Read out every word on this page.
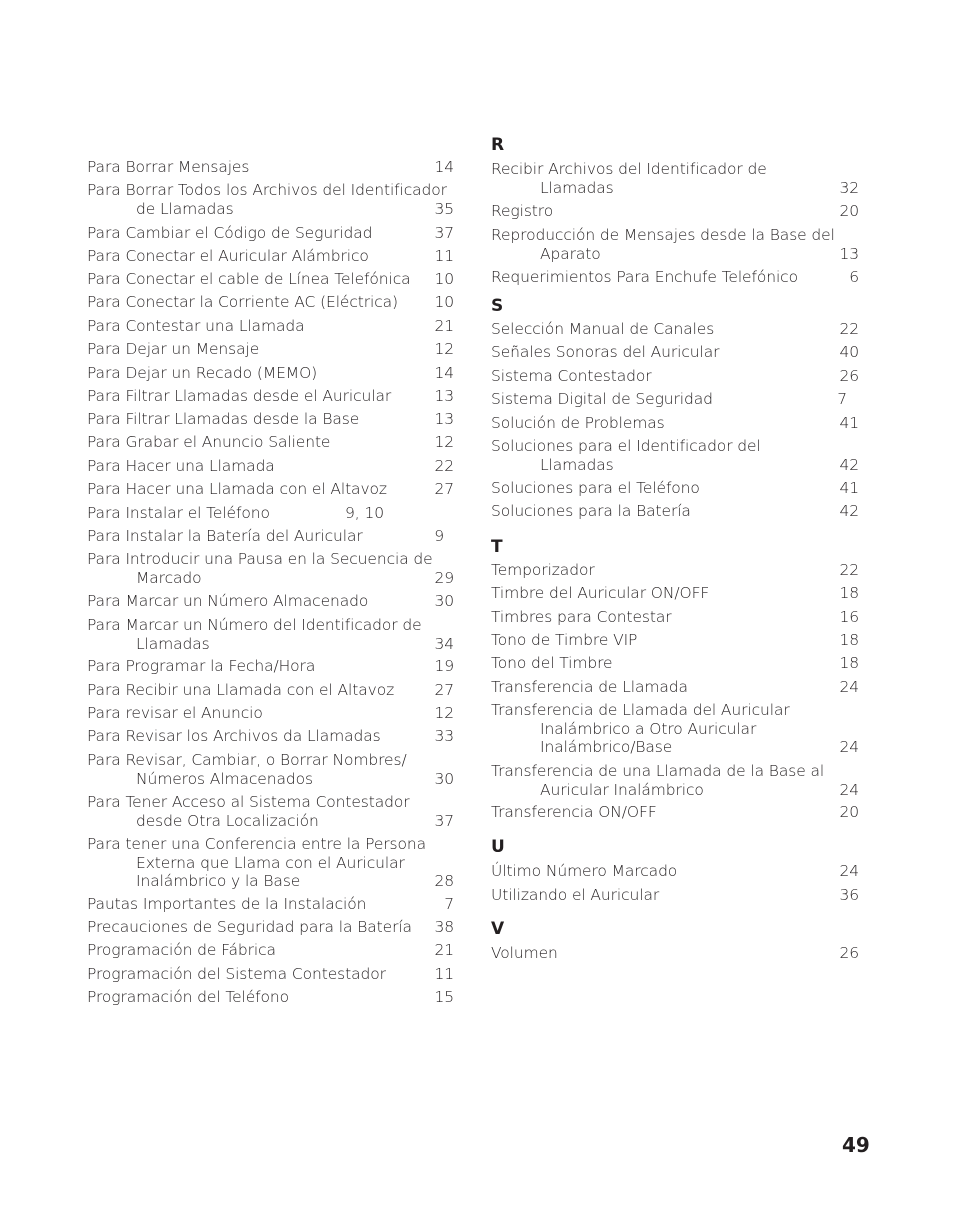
Para Borrar Mensajes	14
Para Borrar Todos los Archivos del Identificador
de Llamadas	35
Para Cambiar el Código de Seguridad	37
Para Conectar el Auricular Alámbrico	11
Para Conectar el cable de Línea Telefónica	10
Para Conectar la Corriente AC (Eléctrica)	10
Para Contestar una Llamada	21
Para Dejar un Mensaje	12
Para Dejar un Recado (MEMO)	14
Para Filtrar Llamadas desde el Auricular	13
Para Filtrar Llamadas desde la Base	13
Para Grabar el Anuncio Saliente	12
Para Hacer una Llamada	22
Para Hacer una Llamada con el Altavoz	27
Para Instalar el Teléfono	9, 10
Para Instalar la Batería del Auricular	9
Para Introducir una Pausa en la Secuencia de
Marcado	29
Para Marcar un Número Almacenado	30
Para Marcar un Número del Identificador de
Llamadas	34
Para Programar la Fecha/Hora	19
Para Recibir una Llamada con el Altavoz	27
Para revisar el Anuncio	12
Para Revisar los Archivos da Llamadas	33
Para Revisar, Cambiar, o Borrar Nombres/
Números Almacenados	30
Para Tener Acceso al Sistema Contestador
desde Otra Localización	37
Para tener una Conferencia entre la Persona
Externa que Llama con el Auricular
Inalámbrico y la Base	28
Pautas Importantes de la Instalación	7
Precauciones de Seguridad para la Batería	38
Programación de Fábrica	21
Programación del Sistema Contestador	11
Programación del Teléfono	15
R
Recibir Archivos del Identificador de
Llamadas	32
Registro	20
Reproducción de Mensajes desde la Base del
Aparato	13
Requerimientos Para Enchufe Telefónico	6
S
Selección Manual de Canales	22
Señales Sonoras del Auricular	40
Sistema Contestador	26
Sistema Digital de Seguridad	7
Solución de Problemas	41
Soluciones para el Identificador del
Llamadas	42
Soluciones para el Teléfono	41
Soluciones para la Batería	42
T
Temporizador	22
Timbre del Auricular ON/OFF	18
Timbres para Contestar	16
Tono de Timbre VIP	18
Tono del Timbre	18
Transferencia de Llamada	24
Transferencia de Llamada del Auricular
Inalámbrico a Otro Auricular
Inalámbrico/Base	24
Transferencia de una Llamada de la Base al
Auricular Inalámbrico	24
Transferencia ON/OFF	20
U
Último Número Marcado	24
Utilizando el Auricular	36
V
Volumen	26
49
